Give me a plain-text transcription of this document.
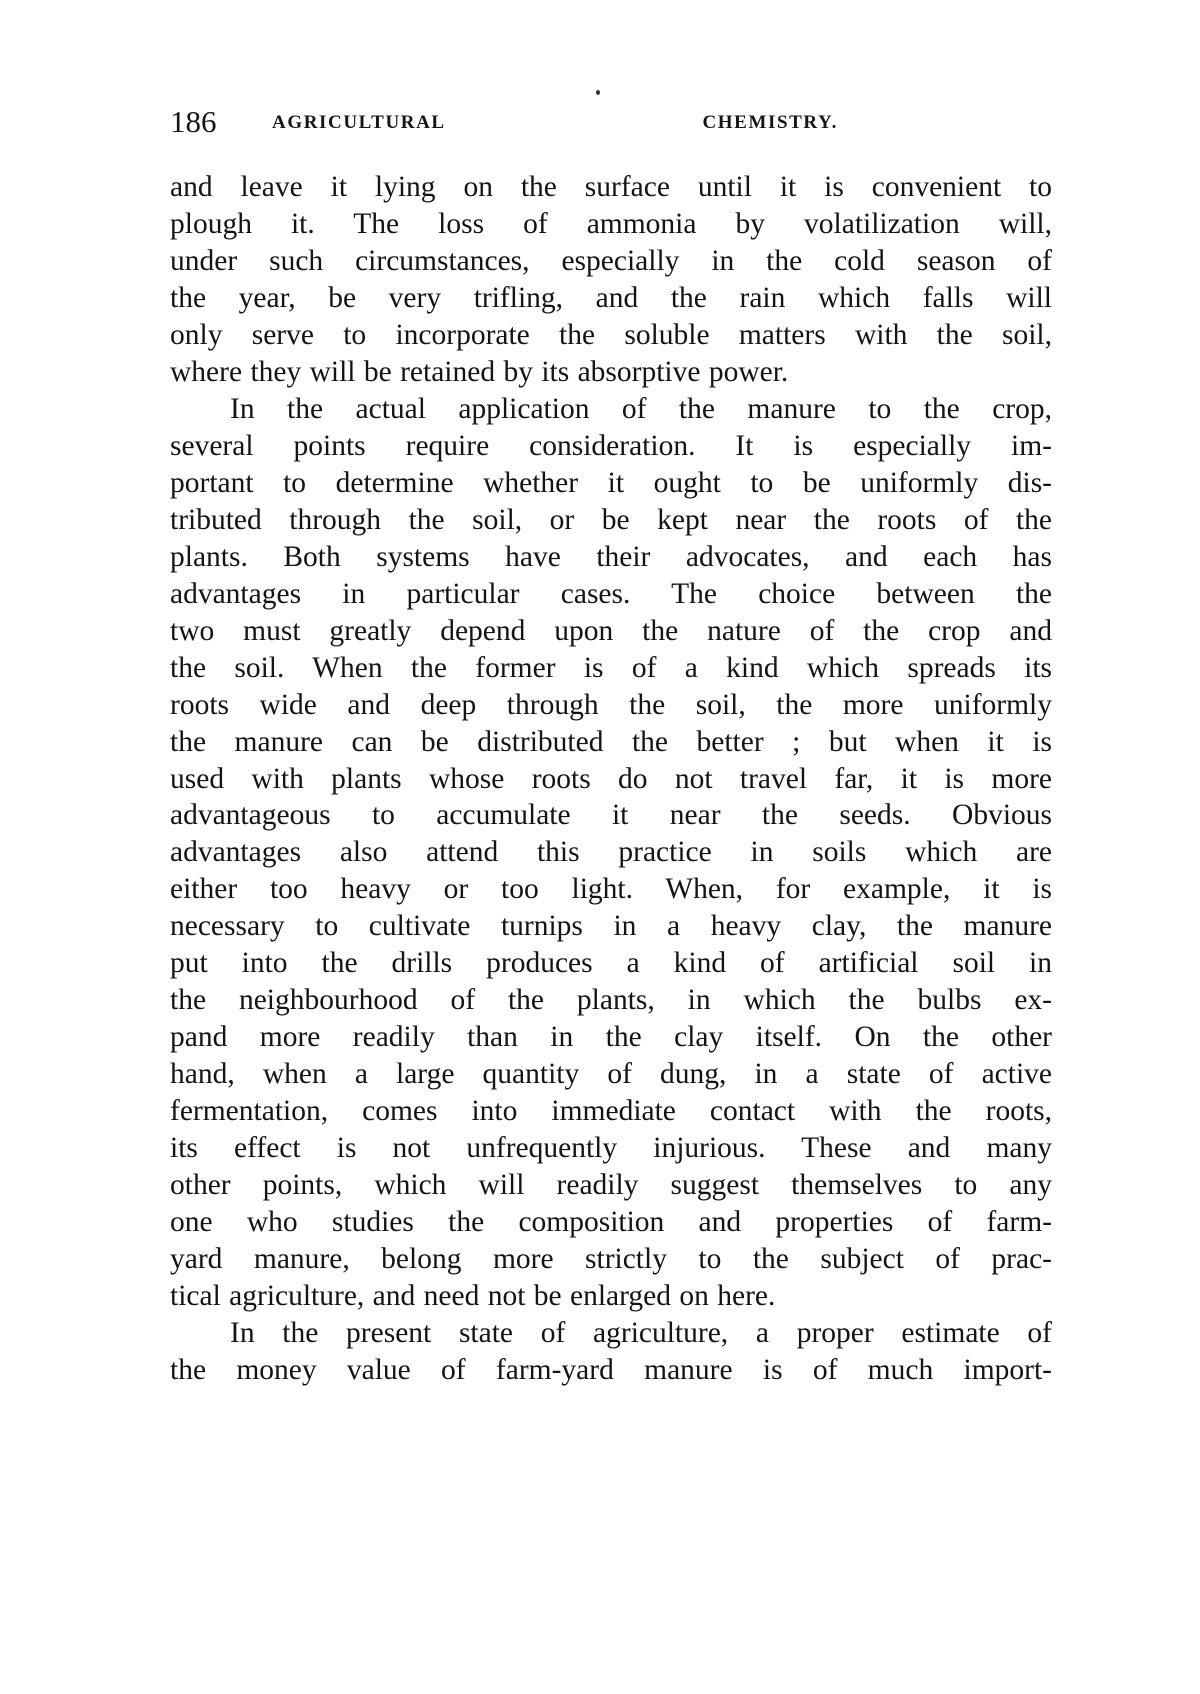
186	AGRICULTURAL CHEMISTRY.
and leave it lying on the surface until it is convenient to
plough it. The loss of ammonia by volatilization will,
under such circumstances, especially in the cold season of
the year, be very trifling, and the rain which falls will
only serve to incorporate the soluble matters with the soil,
where they will be retained by its absorptive power.
In the actual application of the manure to the crop,
several points require consideration. It is especially im-
portant to determine whether it ought to be uniformly dis-
tributed through the soil, or be kept near the roots of the
plants. Both systems have their advocates, and each has
advantages in particular cases. The choice between the
two must greatly depend upon the nature of the crop and
the soil. When the former is of a kind which spreads its
roots wide and deep through the soil, the more uniformly
the manure can be distributed the better ; but when it is
used with plants whose roots do not travel far, it is more
advantageous to accumulate it near the seeds. Obvious
advantages also attend this practice in soils which are
either too heavy or too light. When, for example, it is
necessary to cultivate turnips in a heavy clay, the manure
put into the drills produces a kind of artificial soil in
the neighbourhood of the plants, in which the bulbs ex-
pand more readily than in the clay itself. On the other
hand, when a large quantity of dung, in a state of active
fermentation, comes into immediate contact with the roots,
its effect is not unfrequently injurious. These and many
other points, which will readily suggest themselves to any
one who studies the composition and properties of farm-
yard manure, belong more strictly to the subject of prac-
tical agriculture, and need not be enlarged on here.
In the present state of agriculture, a proper estimate of
the money value of farm-yard manure is of much import-
